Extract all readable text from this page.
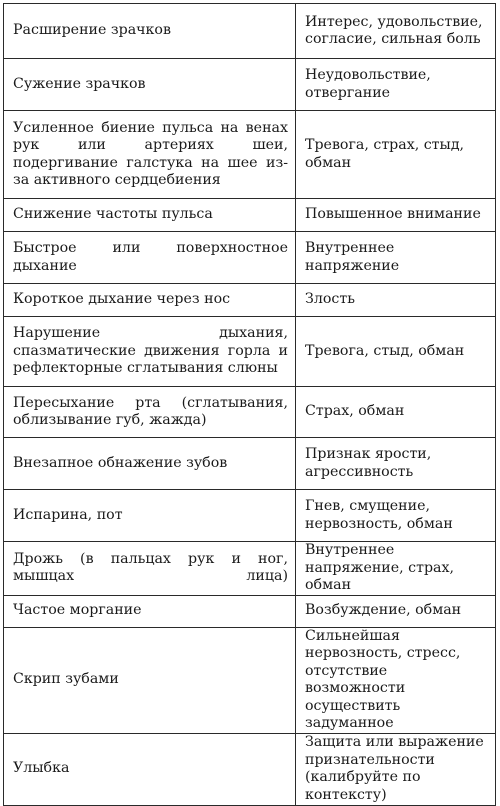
Расширение зрачков	Интерес, удовольствие, согласие, сильная боль
Сужение зрачков	Неудовольствие, отвергание
Усиленное биение пульса на венах рук или артериях шеи, подергивание галстука на шее из-за активного сердцебиения	Тревога, страх, стыд, обман
Снижение частоты пульса	Повышенное внимание
Быстрое или поверхностное дыхание	Внутреннее напряжение
Короткое дыхание через нос	Злость
Нарушение дыхания, спазматические движения горла и рефлекторные сглатывания слюны	Тревога, стыд, обман
Пересыхание рта (сглатывания, облизывание губ, жажда)	Страх, обман
Внезапное обнажение зубов	Признак ярости, агрессивность
Испарина, пот	Гнев, смущение, нервозность, обман
Дрожь (в пальцах рук и ног, мышцах лица)	Внутреннее напряжение, страх, обман
Частое моргание	Возбуждение, обман
Скрип зубами	Сильнейшая нервозность, стресс, отсутствие возможности осуществить задуманное
Улыбка	Защита или выражение признательности (калибруйте по контексту)
